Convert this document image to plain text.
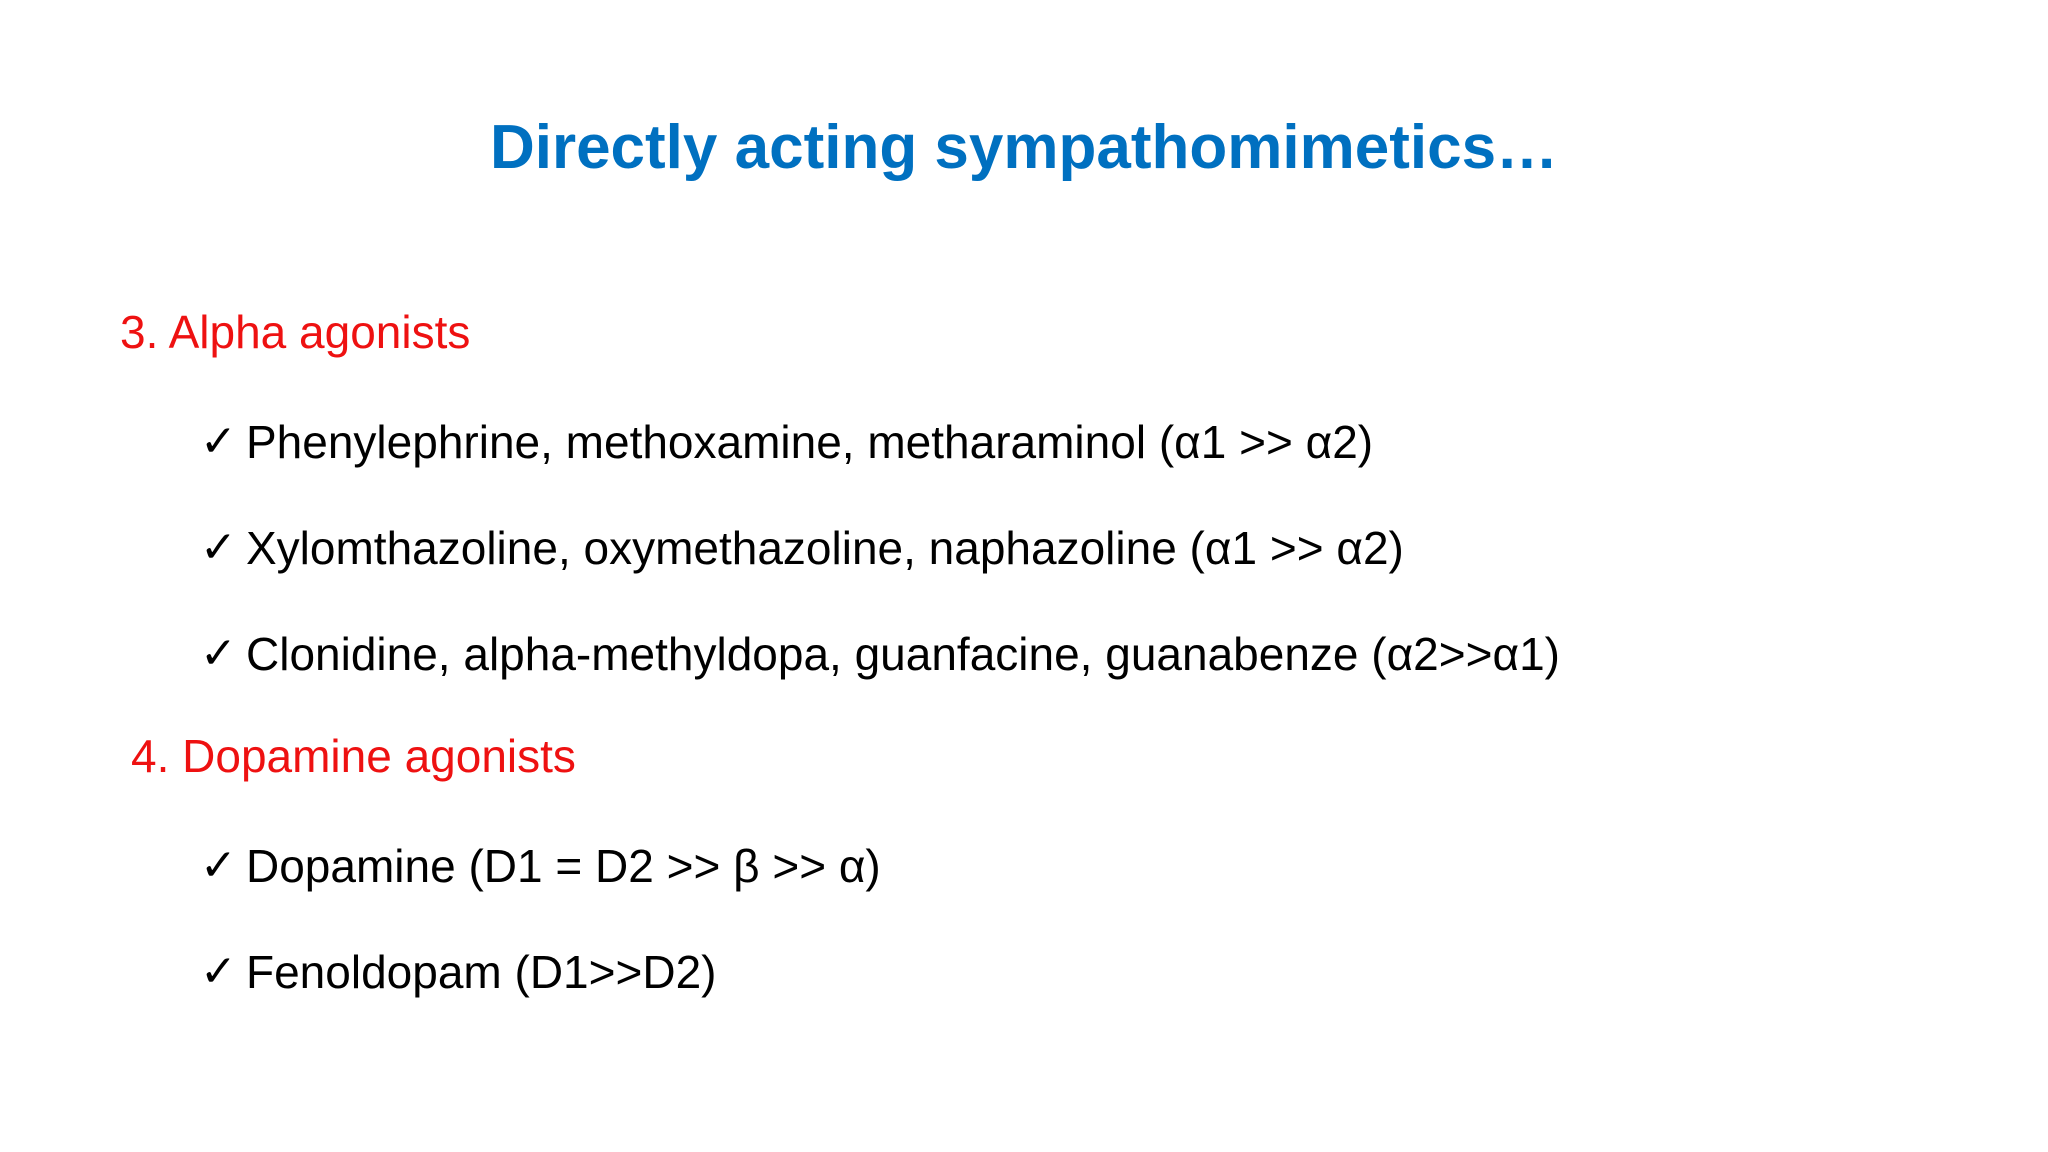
Directly acting sympathomimetics…
3. Alpha agonists
✓ Phenylephrine, methoxamine, metharaminol (α1 >> α2)
✓ Xylomthazoline, oxymethazoline, naphazoline (α1 >> α2)
✓ Clonidine, alpha-methyldopa, guanfacine, guanabenze (α2>>α1)
4. Dopamine agonists
✓ Dopamine (D1 = D2 >> β >> α)
✓ Fenoldopam (D1>>D2)
